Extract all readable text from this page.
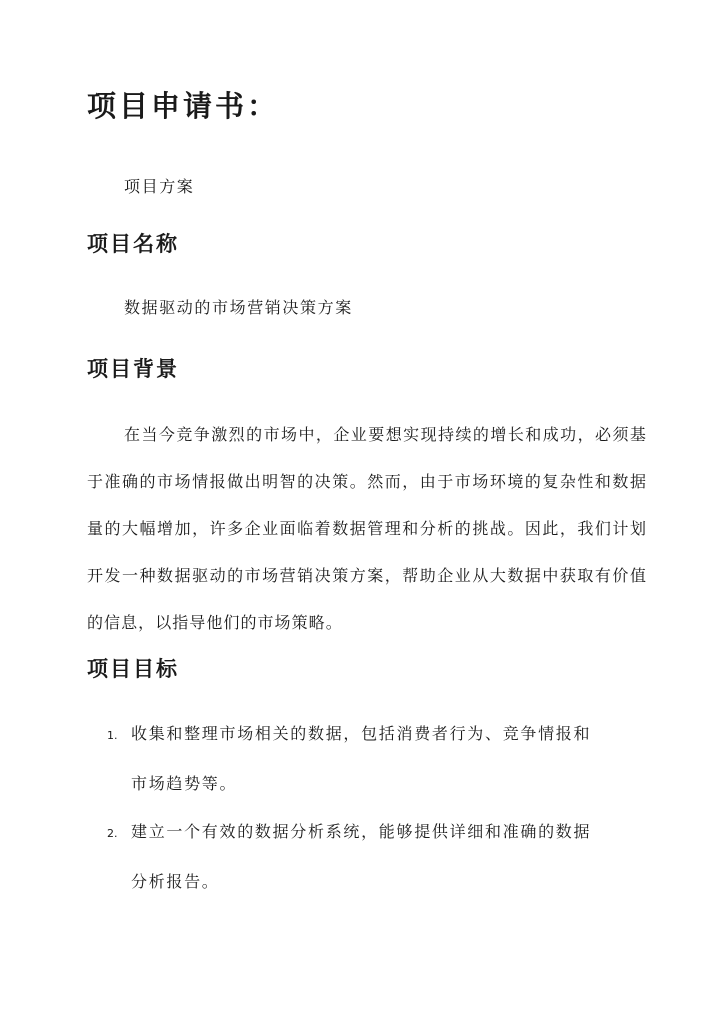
项目申请书：

项目方案

项目名称

数据驱动的市场营销决策方案

项目背景

在当今竞争激烈的市场中，企业要想实现持续的增长和成功，必须基于准确的市场情报做出明智的决策。然而，由于市场环境的复杂性和数据量的大幅增加，许多企业面临着数据管理和分析的挑战。因此，我们计划开发一种数据驱动的市场营销决策方案，帮助企业从大数据中获取有价值的信息，以指导他们的市场策略。

项目目标
1. 收集和整理市场相关的数据，包括消费者行为、竞争情报和
市场趋势等。
2. 建立一个有效的数据分析系统，能够提供详细和准确的数据
分析报告。
